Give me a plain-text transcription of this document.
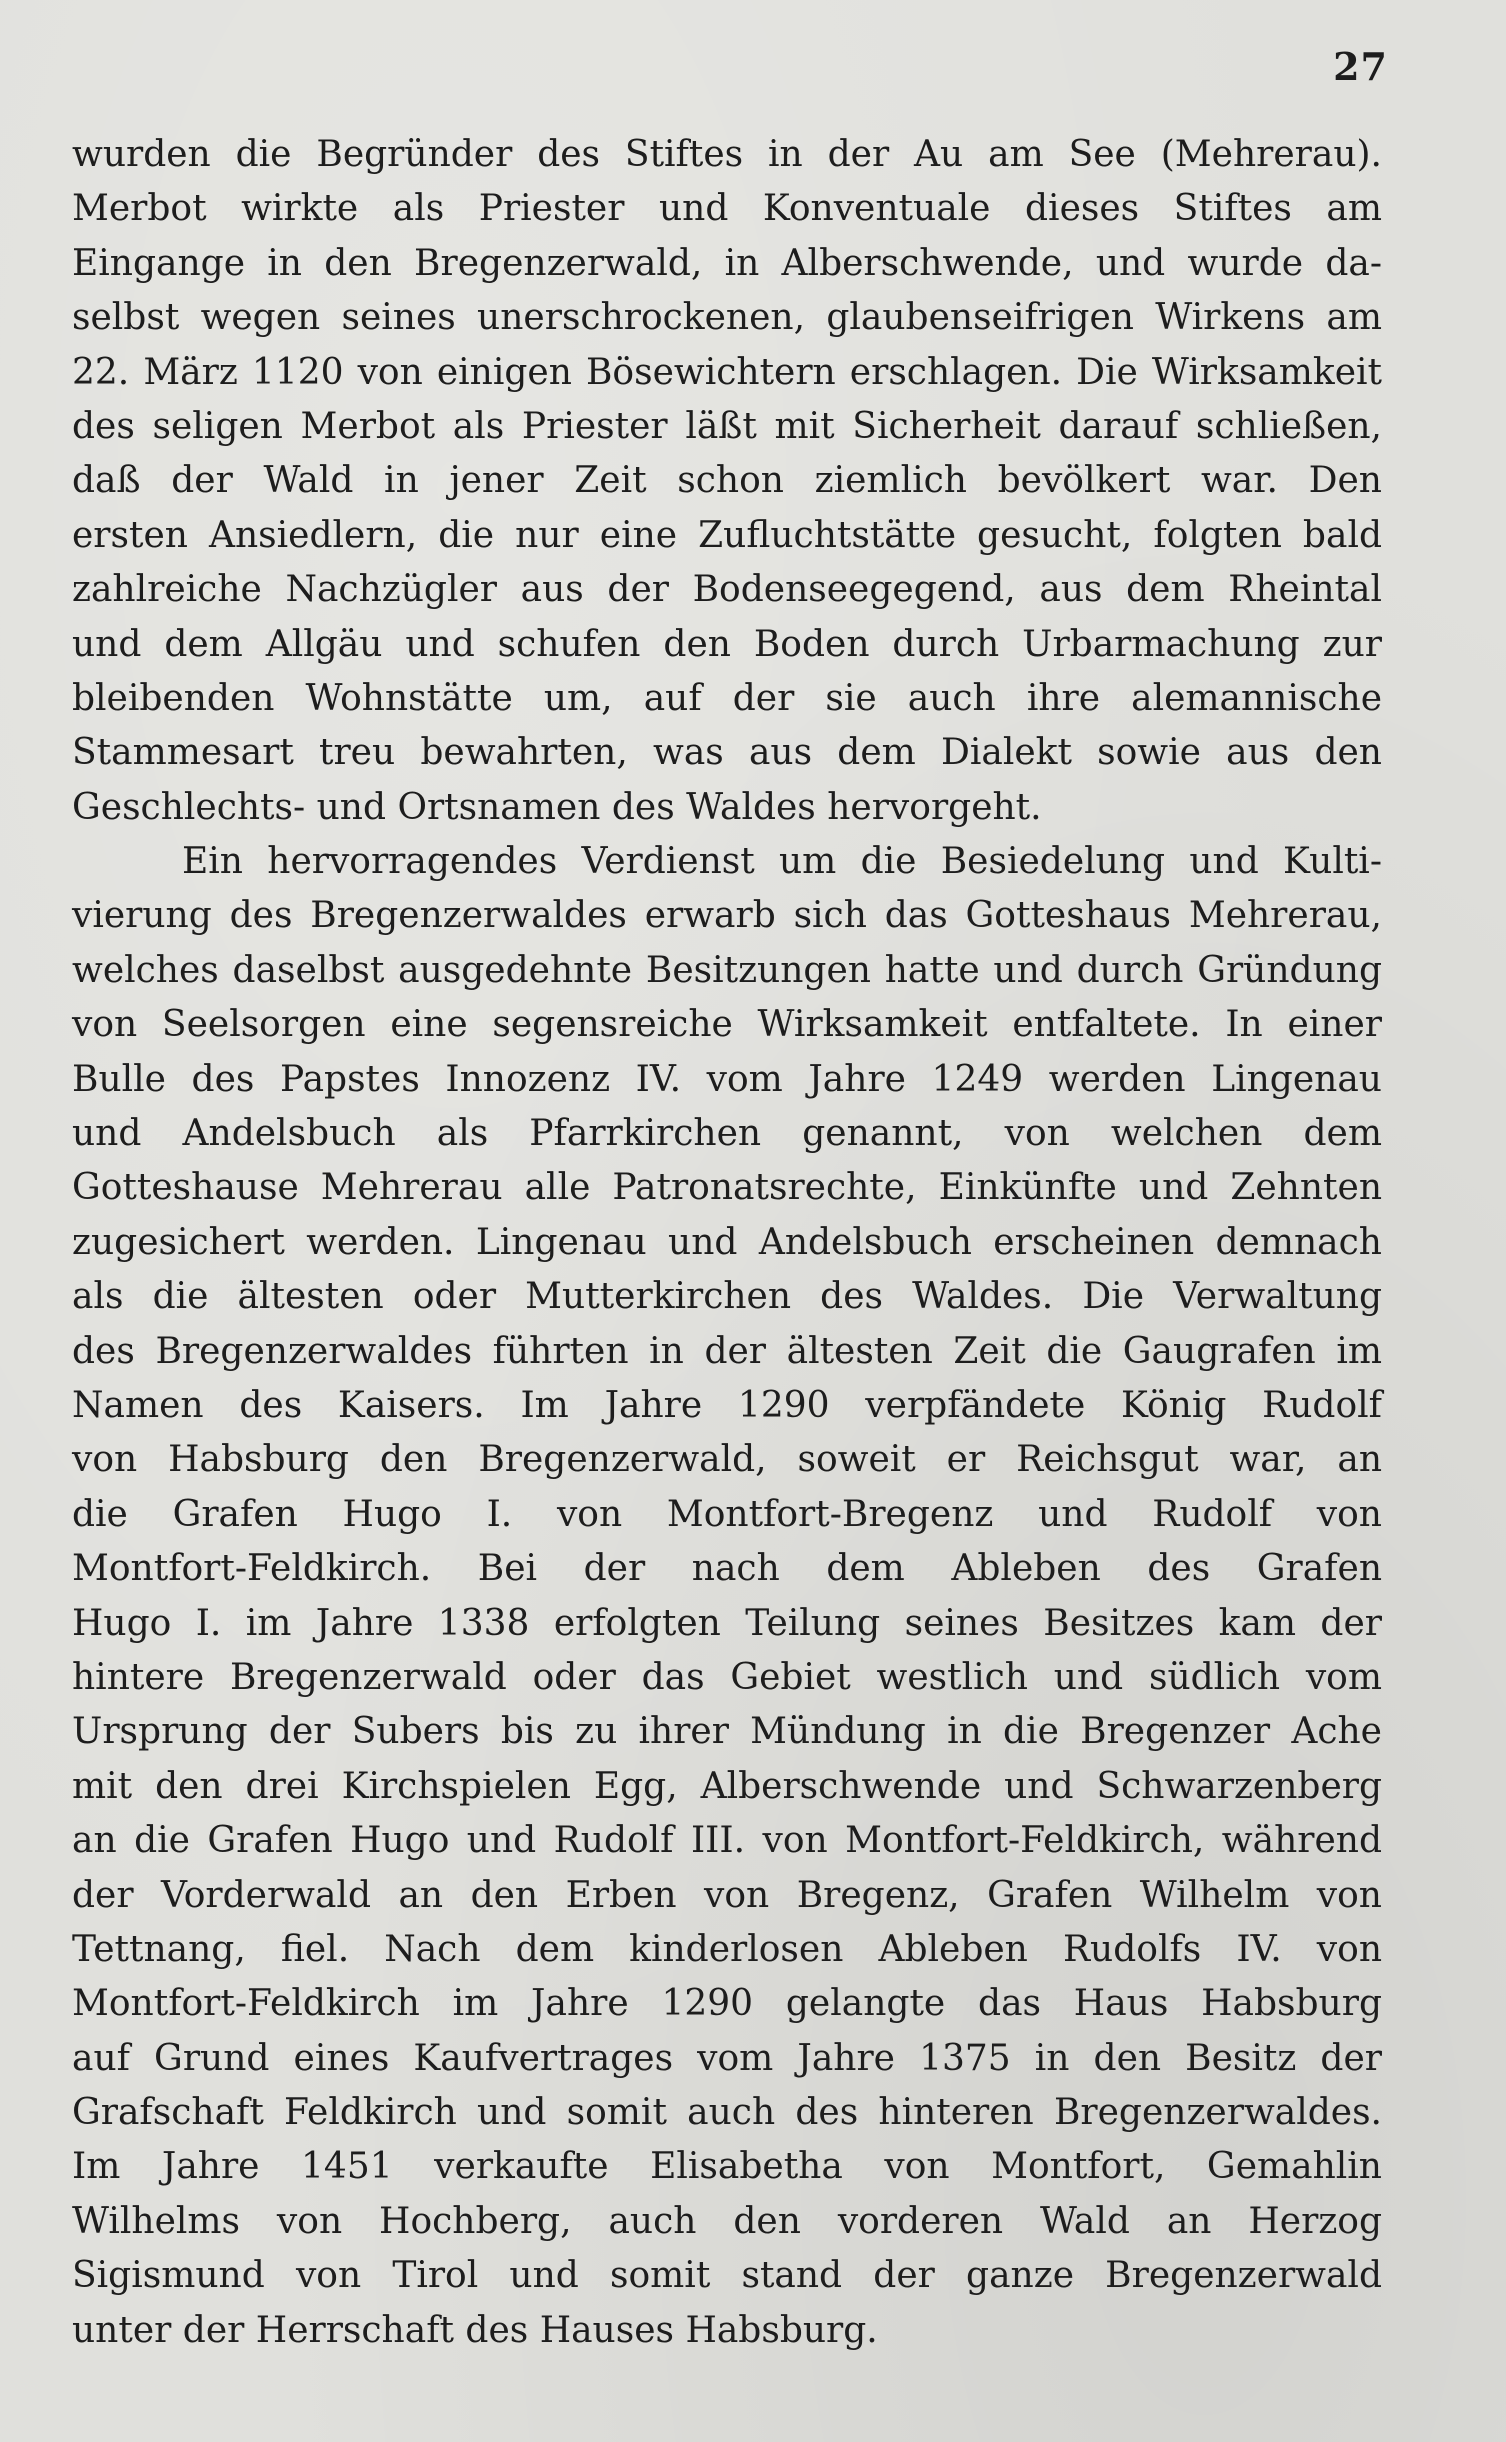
27

wurden die Begründer des Stiftes in der Au am See (Mehrerau).
Merbot wirkte als Priester und Konventuale dieses Stiftes am
Eingange in den Bregenzerwald, in Alberschwende, und wurde da-
selbst wegen seines unerschrockenen, glaubenseifrigen Wirkens am
22. März 1120 von einigen Bösewichtern erschlagen. Die Wirksamkeit
des seligen Merbot als Priester läßt mit Sicherheit darauf schließen,
daß der Wald in jener Zeit schon ziemlich bevölkert war. Den
ersten Ansiedlern, die nur eine Zufluchtstätte gesucht, folgten bald
zahlreiche Nachzügler aus der Bodenseegegend, aus dem Rheintal
und dem Allgäu und schufen den Boden durch Urbarmachung zur
bleibenden Wohnstätte um, auf der sie auch ihre alemannische
Stammesart treu bewahrten, was aus dem Dialekt sowie aus den
Geschlechts- und Ortsnamen des Waldes hervorgeht.
Ein hervorragendes Verdienst um die Besiedelung und Kulti-
vierung des Bregenzerwaldes erwarb sich das Gotteshaus Mehrerau,
welches daselbst ausgedehnte Besitzungen hatte und durch Gründung
von Seelsorgen eine segensreiche Wirksamkeit entfaltete. In einer
Bulle des Papstes Innozenz IV. vom Jahre 1249 werden Lingenau
und Andelsbuch als Pfarrkirchen genannt, von welchen dem
Gotteshause Mehrerau alle Patronatsrechte, Einkünfte und Zehnten
zugesichert werden. Lingenau und Andelsbuch erscheinen demnach
als die ältesten oder Mutterkirchen des Waldes. Die Verwaltung
des Bregenzerwaldes führten in der ältesten Zeit die Gaugrafen im
Namen des Kaisers. Im Jahre 1290 verpfändete König Rudolf
von Habsburg den Bregenzerwald, soweit er Reichsgut war, an
die Grafen Hugo I. von Montfort-Bregenz und Rudolf von
Montfort-Feldkirch. Bei der nach dem Ableben des Grafen
Hugo I. im Jahre 1338 erfolgten Teilung seines Besitzes kam der
hintere Bregenzerwald oder das Gebiet westlich und südlich vom
Ursprung der Subers bis zu ihrer Mündung in die Bregenzer Ache
mit den drei Kirchspielen Egg, Alberschwende und Schwarzenberg
an die Grafen Hugo und Rudolf III. von Montfort-Feldkirch, während
der Vorderwald an den Erben von Bregenz, Grafen Wilhelm von
Tettnang, fiel. Nach dem kinderlosen Ableben Rudolfs IV. von
Montfort-Feldkirch im Jahre 1290 gelangte das Haus Habsburg
auf Grund eines Kaufvertrages vom Jahre 1375 in den Besitz der
Grafschaft Feldkirch und somit auch des hinteren Bregenzerwaldes.
Im Jahre 1451 verkaufte Elisabetha von Montfort, Gemahlin
Wilhelms von Hochberg, auch den vorderen Wald an Herzog
Sigismund von Tirol und somit stand der ganze Bregenzerwald
unter der Herrschaft des Hauses Habsburg.
